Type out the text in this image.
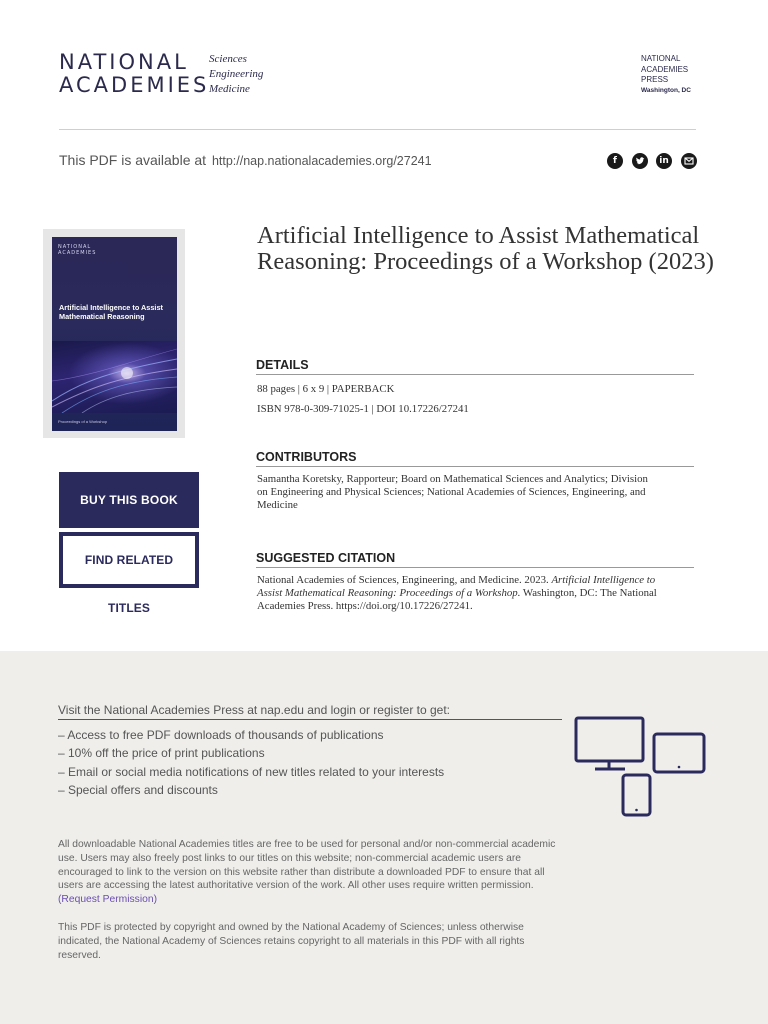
NATIONAL
ACADEMIES
Sciences
Engineering
Medicine
NATIONAL
ACADEMIES
PRESS
Washington, DC
This PDF is available at http://nap.nationalacademies.org/27241	f	in
NATIONAL
ACADEMIES
Artificial Intelligence to Assist Mathematical Reasoning
Proceedings of a Workshop
BUY THIS BOOK
FIND RELATED TITLES
Artificial Intelligence to Assist Mathematical Reasoning: Proceedings of a Workshop (2023)
DETAILS
88 pages | 6 x 9 | PAPERBACK
ISBN 978-0-309-71025-1 | DOI 10.17226/27241
CONTRIBUTORS
Samantha Koretsky, Rapporteur; Board on Mathematical Sciences and Analytics; Division on Engineering and Physical Sciences; National Academies of Sciences, Engineering, and Medicine
SUGGESTED CITATION
National Academies of Sciences, Engineering, and Medicine. 2023. Artificial Intelligence to Assist Mathematical Reasoning: Proceedings of a Workshop. Washington, DC: The National Academies Press. https://doi.org/10.17226/27241.
Visit the National Academies Press at nap.edu and login or register to get:
– Access to free PDF downloads of thousands of publications
– 10% off the price of print publications
– Email or social media notifications of new titles related to your interests
– Special offers and discounts
All downloadable National Academies titles are free to be used for personal and/or non-commercial academic use. Users may also freely post links to our titles on this website; non-commercial academic users are encouraged to link to the version on this website rather than distribute a downloaded PDF to ensure that all users are accessing the latest authoritative version of the work. All other uses require written permission.  (Request Permission)
This PDF is protected by copyright and owned by the National Academy of Sciences; unless otherwise indicated, the National Academy of Sciences retains copyright to all materials in this PDF with all rights reserved.
